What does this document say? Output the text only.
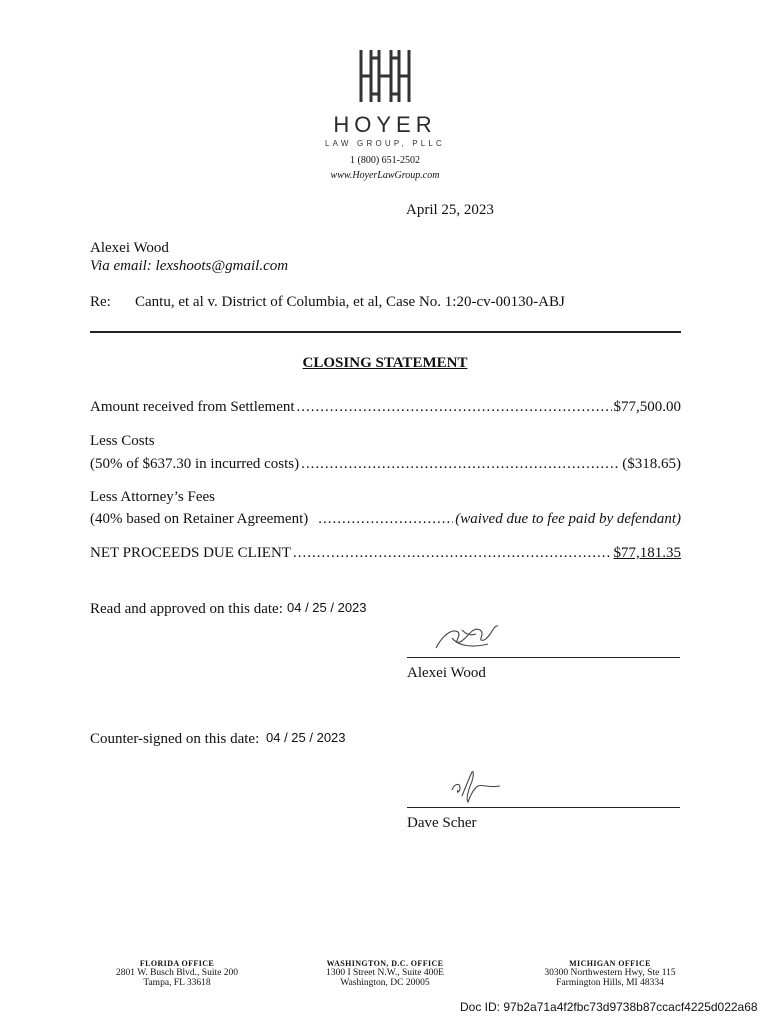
HOYER
LAW GROUP, PLLC
1 (800) 651-2502
www.HoyerLawGroup.com
April 25, 2023
Alexei Wood
Via email: lexshoots@gmail.com
Re: Cantu, et al v. District of Columbia, et al, Case No. 1:20-cv-00130-ABJ
CLOSING STATEMENT
Amount received from Settlement .....	$77,500.00
Less Costs
(50% of $637.30 in incurred costs) .....	($318.65)
Less Attorney’s Fees
(40% based on Retainer Agreement) .....	(waived due to fee paid by defendant)
NET PROCEEDS DUE CLIENT .....	$77,181.35
Read and approved on this date: 04 / 25 / 2023
Alexei Wood
Counter-signed on this date: 04 / 25 / 2023
Dave Scher
FLORIDA OFFICE
2801 W. Busch Blvd., Suite 200
Tampa, FL 33618
WASHINGTON, D.C. OFFICE
1300 I Street N.W., Suite 400E
Washington, DC 20005
MICHIGAN OFFICE
30300 Northwestern Hwy, Ste 115
Farmington Hills, MI 48334
Doc ID: 97b2a71a4f2fbc73d9738b87ccacf4225d022a68
